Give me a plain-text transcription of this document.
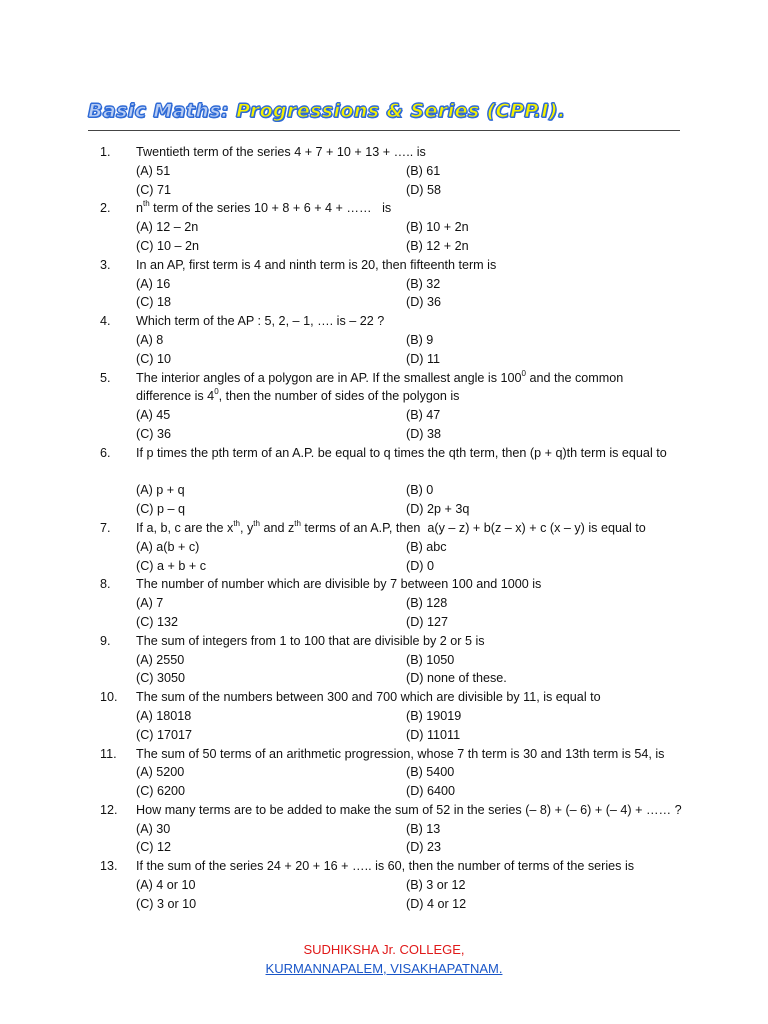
Basic Maths: Progressions & Series (CPP.I).
1.	Twentieth term of the series 4 + 7 + 10 + 13 + ….. is
(A) 51	(B) 61
(C) 71	(D) 58
2.	$n^{th}$ term of the series 10 + 8 + 6 + 4 + ……   is
(A) 12 – 2n	(B) 10 + 2n
(C) 10 – 2n	(B) 12 + 2n
3.	In an AP, first term is 4 and ninth term is 20, then fifteenth term is
(A) 16	(B) 32
(C) 18	(D) 36
4.	Which term of the AP : 5, 2, – 1, …. is – 22 ?
(A) 8	(B) 9
(C) 10	(D) 11
5.	The interior angles of a polygon are in AP. If the smallest angle is $100^0$ and the common difference is $4^0$, then the number of sides of the polygon is
(A) 45	(B) 47
(C) 36	(D) 38
6.	If p times the pth term of an A.P. be equal to q times the qth term, then (p + q)th term is equal to
(A) p + q	(B) 0
(C) p – q	(D) 2p + 3q
7.	If a, b, c are the $x^{th}$, $y^{th}$ and $z^{th}$ terms of an A.P, then  a(y – z) + b(z – x) + c (x – y) is equal to
(A) a(b + c)	(B) abc
(C) a + b + c	(D) 0
8.	The number of number which are divisible by 7 between 100 and 1000 is
(A) 7	(B) 128
(C) 132	(D) 127
9.	The sum of integers from 1 to 100 that are divisible by 2 or 5 is
(A) 2550	(B) 1050
(C) 3050	(D) none of these.
10.	The sum of the numbers between 300 and 700 which are divisible by 11, is equal to
(A) 18018	(B) 19019
(C) 17017	(D) 11011
11.	The sum of 50 terms of an arithmetic progression, whose 7 th term is 30 and 13th term is 54, is
(A) 5200	(B) 5400
(C) 6200	(D) 6400
12.	How many terms are to be added to make the sum of 52 in the series (– 8) + (– 6) + (– 4) + …… ?
(A) 30	(B) 13
(C) 12	(D) 23
13.	If the sum of the series 24 + 20 + 16 + ….. is 60, then the number of terms of the series is
(A) 4 or 10	(B) 3 or 12
(C) 3 or 10	(D) 4 or 12
SUDHIKSHA Jr. COLLEGE,
KURMANNAPALEM, VISAKHAPATNAM.
